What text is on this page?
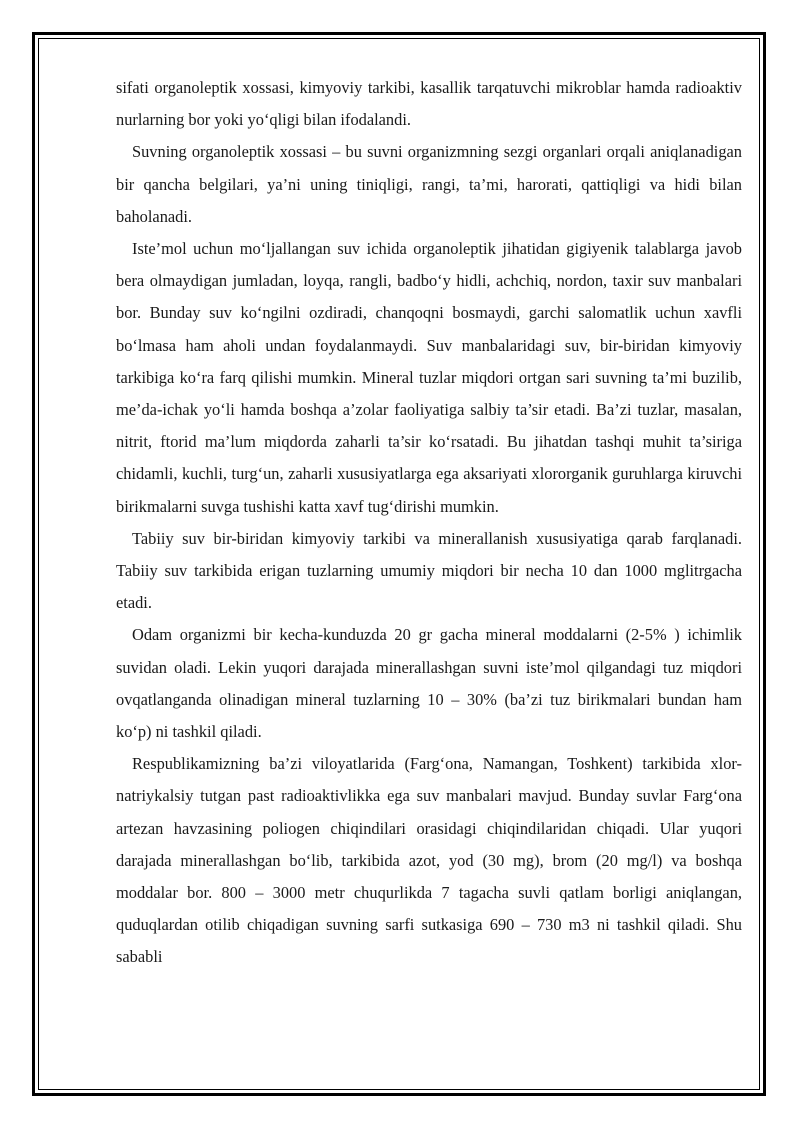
sifati organoleptik xossasi, kimyoviy tarkibi, kasallik tarqatuvchi mikroblar hamda radioaktiv nurlarning bor yoki yo‘qligi bilan ifodalandi.

Suvning organoleptik xossasi – bu suvni organizmning sezgi organlari orqali aniqlanadigan bir qancha belgilari, ya’ni uning tiniqligi, rangi, ta’mi, harorati, qattiqligi va hidi bilan baholanadi.

Iste’mol uchun mo‘ljallangan suv ichida organoleptik jihatidan gigiyenik talablarga javob bera olmaydigan jumladan, loyqa, rangli, badbo‘y hidli, achchiq, nordon, taxir suv manbalari bor. Bunday suv ko‘ngilni ozdiradi, chanqoqni bosmaydi, garchi salomatlik uchun xavfli bo‘lmasa ham aholi undan foydalanmaydi. Suv manbalaridagi suv, bir-biridan kimyoviy tarkibiga ko‘ra farq qilishi mumkin. Mineral tuzlar miqdori ortgan sari suvning ta’mi buzilib, me’da-ichak yo‘li hamda boshqa a’zolar faoliyatiga salbiy ta’sir etadi. Ba’zi tuzlar, masalan, nitrit, ftorid ma’lum miqdorda zaharli ta’sir ko‘rsatadi. Bu jihatdan tashqi muhit ta’siriga chidamli, kuchli, turg‘un, zaharli xususiyatlarga ega aksariyati xlororganik guruhlarga kiruvchi birikmalarni suvga tushishi katta xavf tug‘dirishi mumkin.

Tabiiy suv bir-biridan kimyoviy tarkibi va minerallanish xususiyatiga qarab farqlanadi. Tabiiy suv tarkibida erigan tuzlarning umumiy miqdori bir necha 10 dan 1000 mglitrgacha etadi.

Odam organizmi bir kecha-kunduzda 20 gr gacha mineral moddalarni (2-5% ) ichimlik suvidan oladi. Lekin yuqori darajada minerallashgan suvni iste’mol qilgandagi tuz miqdori ovqatlanganda olinadigan mineral tuzlarning 10 – 30% (ba’zi tuz birikmalari bundan ham ko‘p) ni tashkil qiladi.

Respublikamizning ba’zi viloyatlarida (Farg‘ona, Namangan, Toshkent) tarkibida xlor-natriykalsiy tutgan past radioaktivlikka ega suv manbalari mavjud. Bunday suvlar Farg‘ona artezan havzasining poliogen chiqindilari orasidagi chiqindilaridan chiqadi. Ular yuqori darajada minerallashgan bo‘lib, tarkibida azot, yod (30 mg), brom (20 mg/l) va boshqa moddalar bor. 800 – 3000 metr chuqurlikda 7 tagacha suvli qatlam borligi aniqlangan, quduqlardan otilib chiqadigan suvning sarfi sutkasiga 690 – 730 m3 ni tashkil qiladi. Shu sababli
